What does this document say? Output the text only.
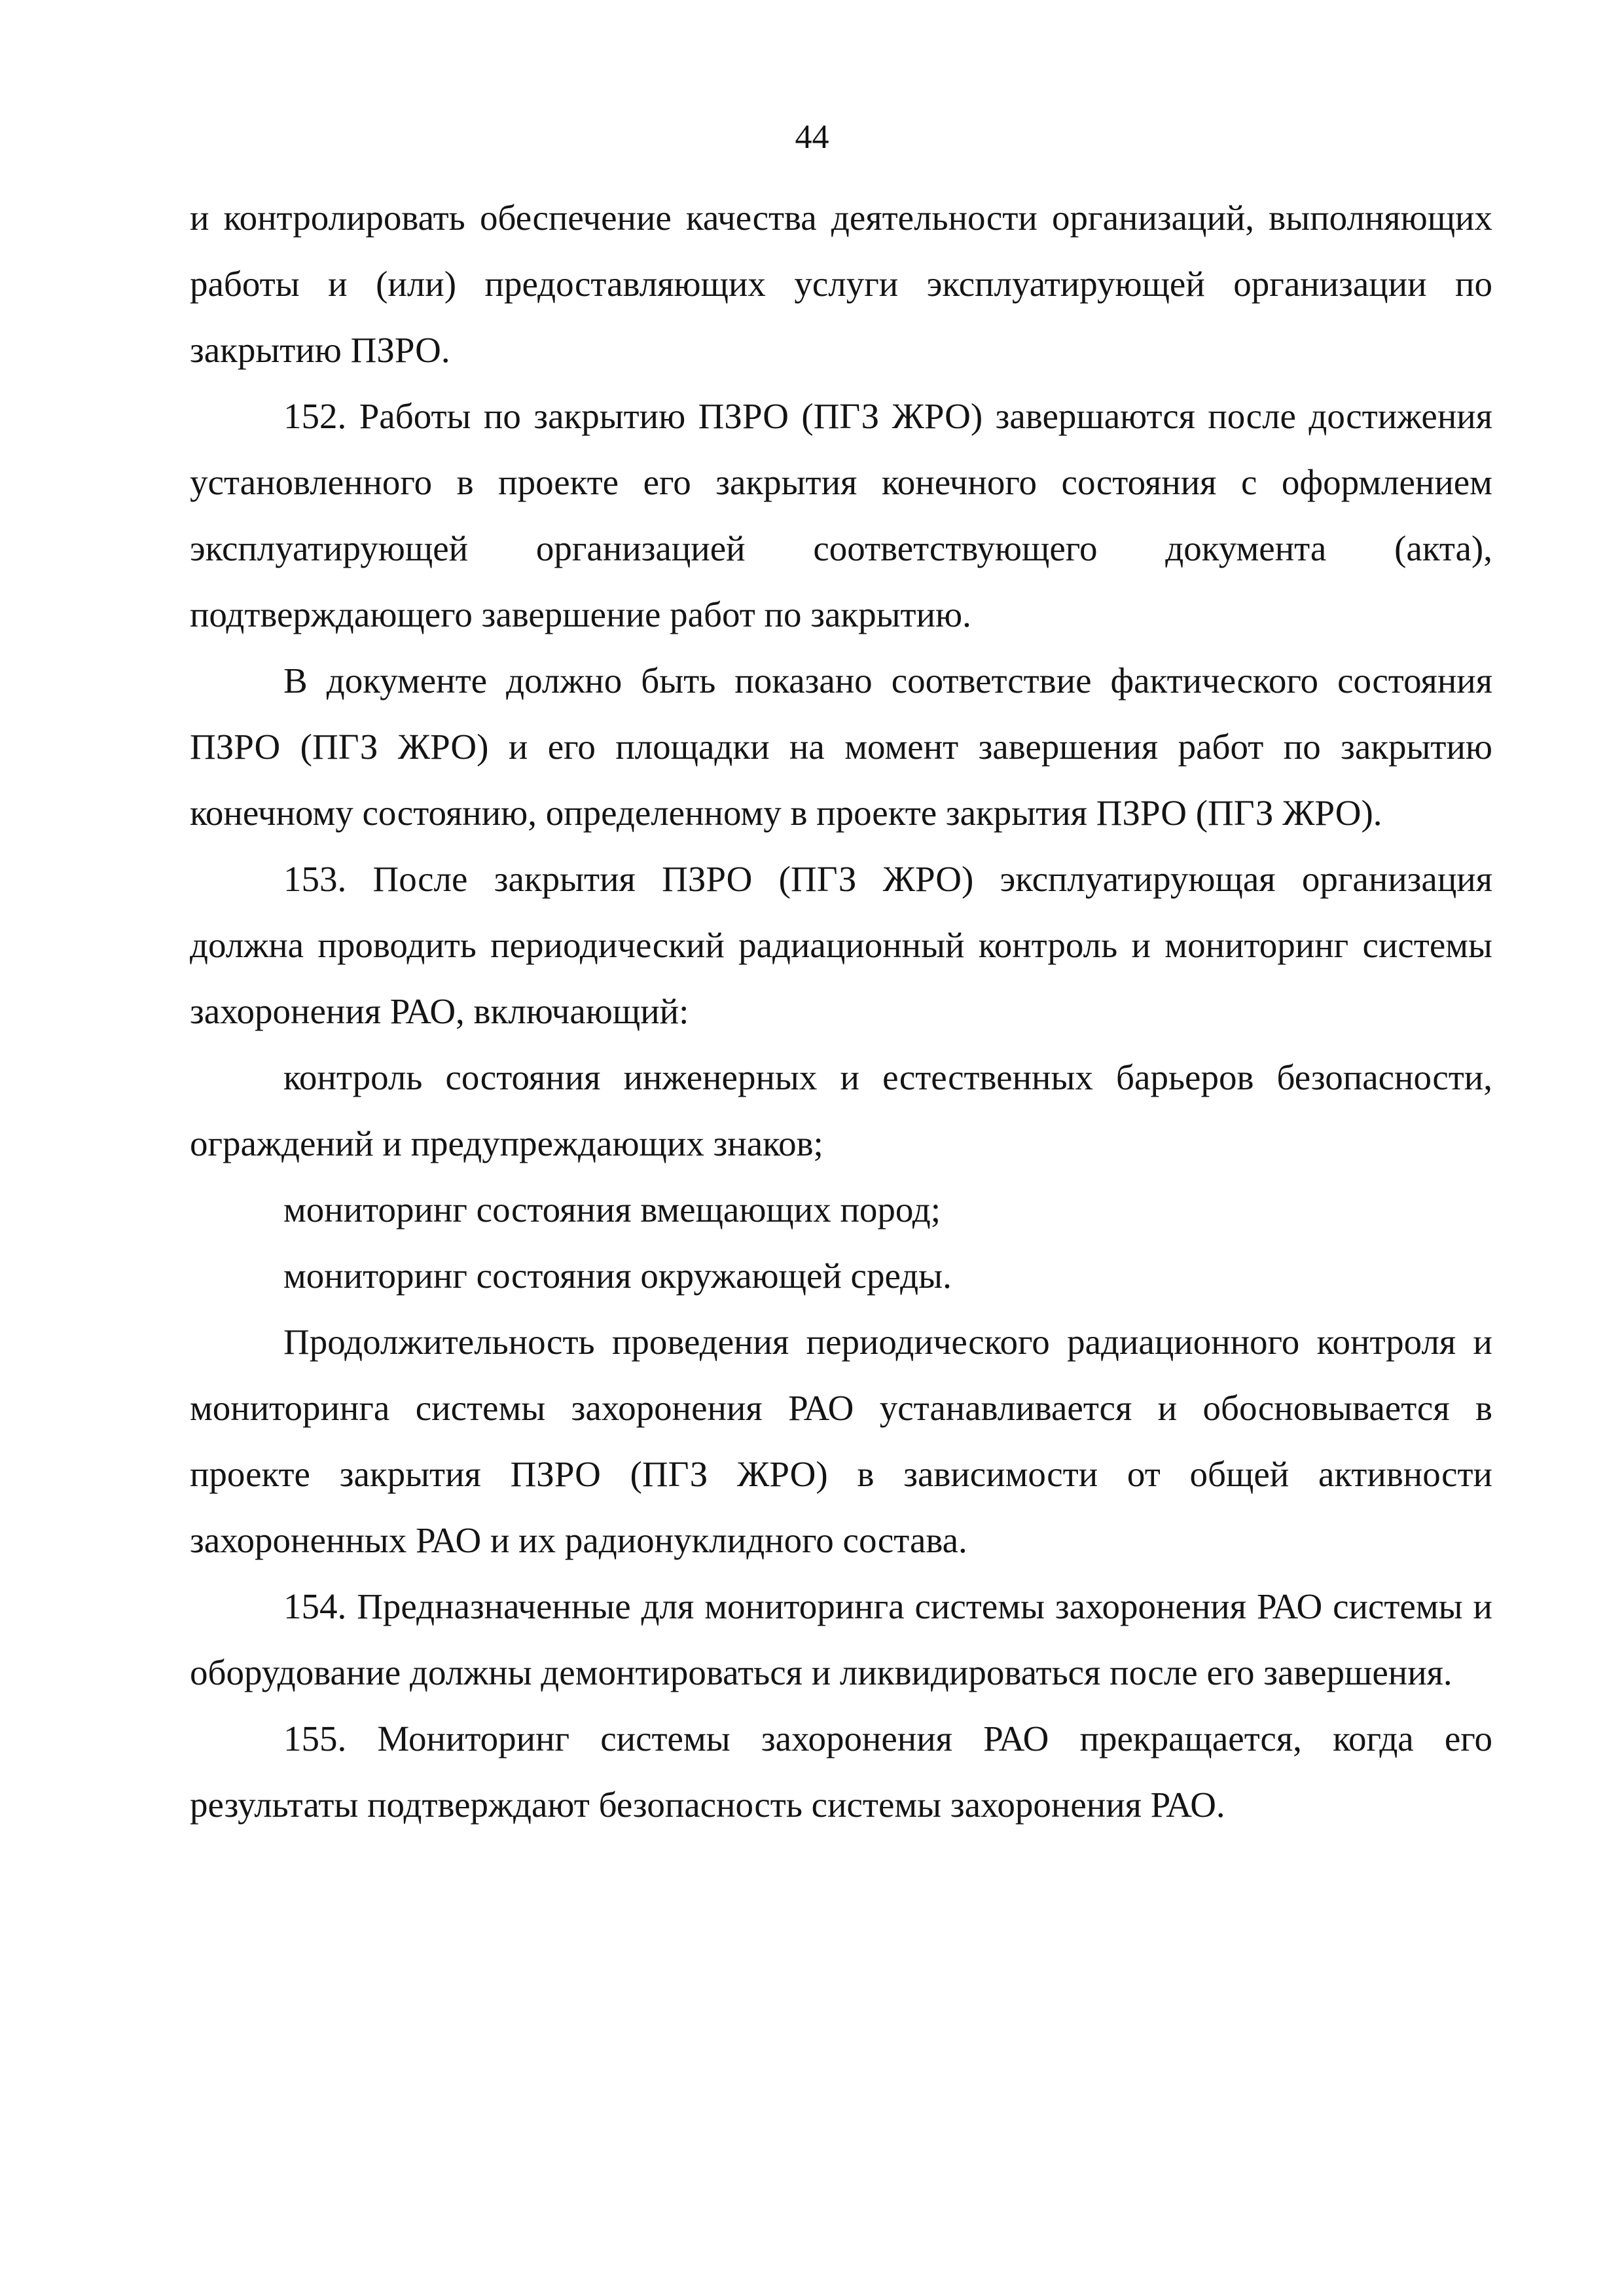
44

и контролировать обеспечение качества деятельности организаций, выполняющих работы и (или) предоставляющих услуги эксплуатирующей организации по закрытию ПЗРО.

152. Работы по закрытию ПЗРО (ПГЗ ЖРО) завершаются после достижения установленного в проекте его закрытия конечного состояния с оформлением эксплуатирующей организацией соответствующего документа (акта), подтверждающего завершение работ по закрытию.

В документе должно быть показано соответствие фактического состояния ПЗРО (ПГЗ ЖРО) и его площадки на момент завершения работ по закрытию конечному состоянию, определенному в проекте закрытия ПЗРО (ПГЗ ЖРО).

153. После закрытия ПЗРО (ПГЗ ЖРО) эксплуатирующая организация должна проводить периодический радиационный контроль и мониторинг системы захоронения РАО, включающий:

контроль состояния инженерных и естественных барьеров безопасности, ограждений и предупреждающих знаков;

мониторинг состояния вмещающих пород;

мониторинг состояния окружающей среды.

Продолжительность проведения периодического радиационного контроля и мониторинга системы захоронения РАО устанавливается и обосновывается в проекте закрытия ПЗРО (ПГЗ ЖРО) в зависимости от общей активности захороненных РАО и их радионуклидного состава.

154. Предназначенные для мониторинга системы захоронения РАО системы и оборудование должны демонтироваться и ликвидироваться после его завершения.

155. Мониторинг системы захоронения РАО прекращается, когда его результаты подтверждают безопасность системы захоронения РАО.
